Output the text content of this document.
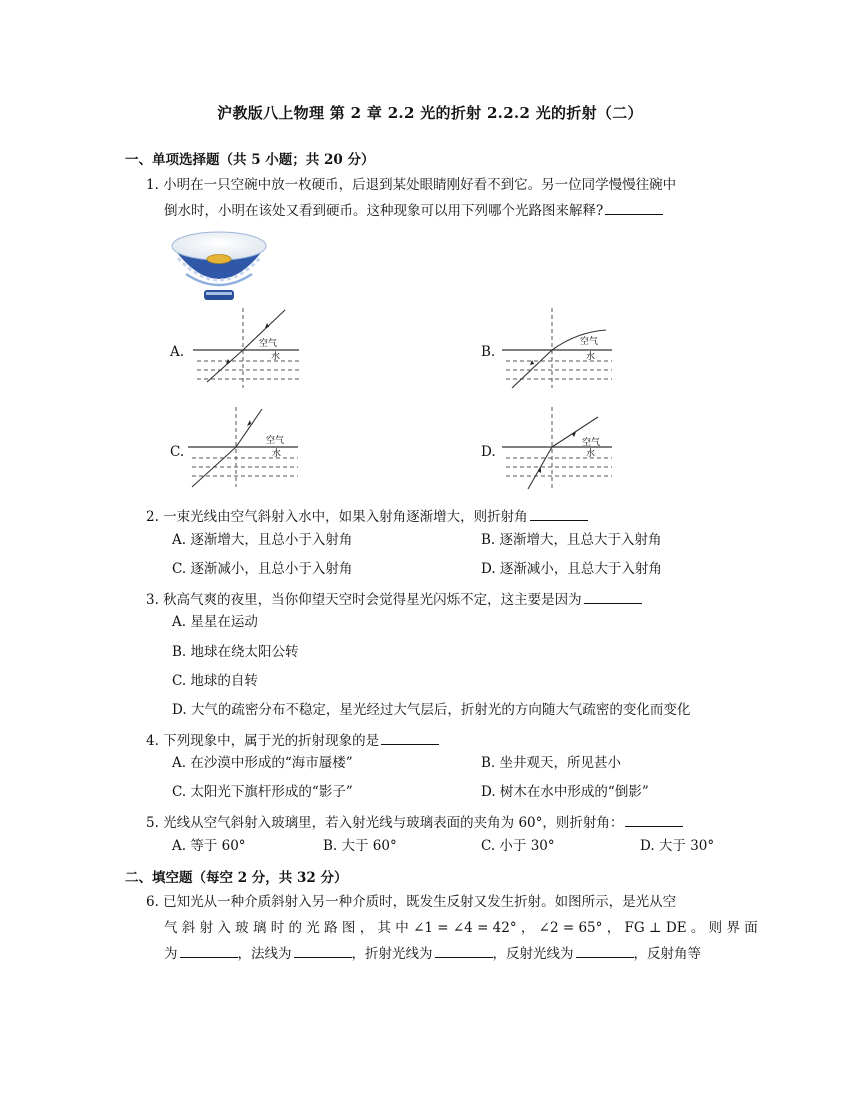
沪教版八上物理 第 2 章 2.2 光的折射 2.2.2 光的折射（二）
一、单项选择题（共 5 小题；共 20 分）
1. 小明在一只空碗中放一枚硬币，后退到某处眼睛刚好看不到它。另一位同学慢慢往碗中
倒水时，小明在该处又看到硬币。这种现象可以用下列哪个光路图来解释?
空气
水
A.
空气
水
B.
空气
水
C.
空气
水
D.
2. 一束光线由空气斜射入水中，如果入射角逐渐增大，则折射角
A. 逐渐增大，且总小于入射角	B. 逐渐增大，且总大于入射角
C. 逐渐减小，且总小于入射角	D. 逐渐减小，且总大于入射角
3. 秋高气爽的夜里，当你仰望天空时会觉得星光闪烁不定，这主要是因为
A. 星星在运动
B. 地球在绕太阳公转
C. 地球的自转
D. 大气的疏密分布不稳定，星光经过大气层后，折射光的方向随大气疏密的变化而变化
4. 下列现象中，属于光的折射现象的是
A. 在沙漠中形成的“海市蜃楼”	B. 坐井观天，所见甚小
C. 太阳光下旗杆形成的“影子”	D. 树木在水中形成的“倒影”
5. 光线从空气斜射入玻璃里，若入射光线与玻璃表面的夹角为 60°，则折射角：
A. 等于 60°	B. 大于 60°	C. 小于 30°	D. 大于 30°
二、填空题（每空 2 分，共 32 分）
6. 已知光从一种介质斜射入另一种介质时，既发生反射又发生折射。如图所示，是光从空
气 斜 射 入 玻 璃 时 的 光 路 图 ， 其 中 ∠1 = ∠4 = 42° ， ∠2 = 65° ， FG ⊥ DE 。 则 界 面
为	，法线为	，折射光线为	，反射光线为	，反射角等
